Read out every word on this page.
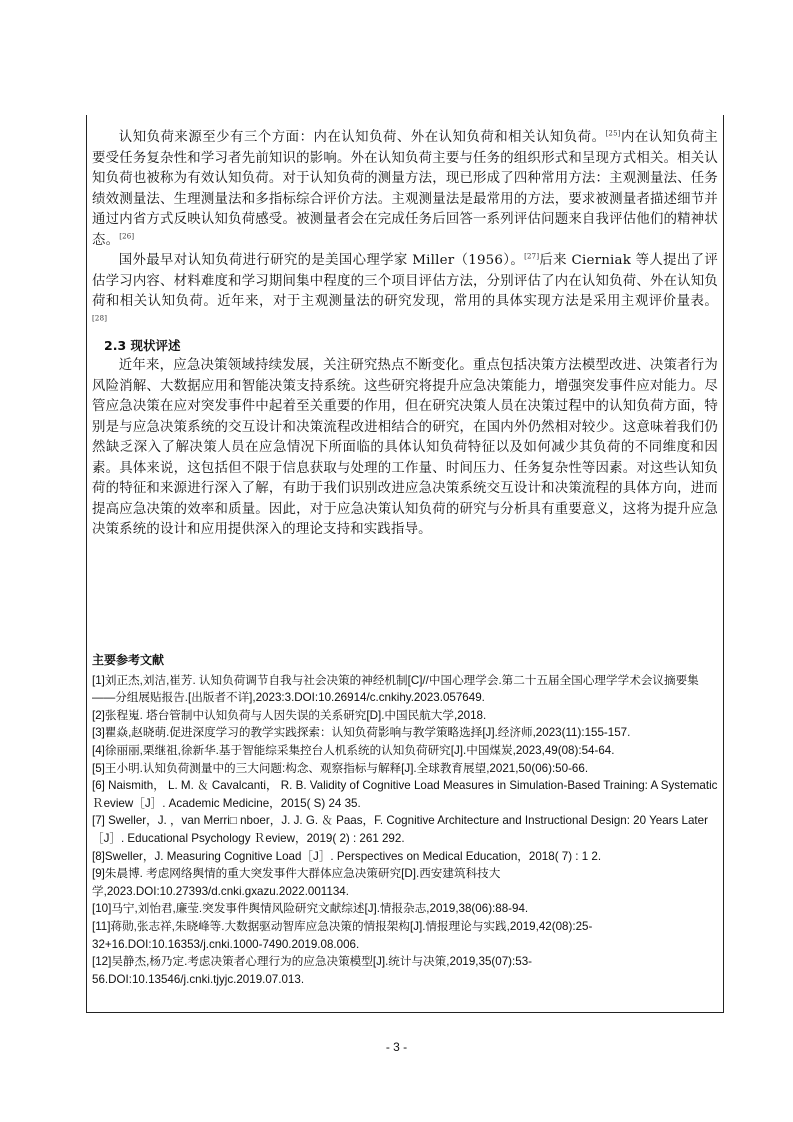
认知负荷来源至少有三个方面：内在认知负荷、外在认知负荷和相关认知负荷。[25]内在认知负荷主要受任务复杂性和学习者先前知识的影响。外在认知负荷主要与任务的组织形式和呈现方式相关。相关认知负荷也被称为有效认知负荷。对于认知负荷的测量方法，现已形成了四种常用方法：主观测量法、任务绩效测量法、生理测量法和多指标综合评价方法。主观测量法是最常用的方法，要求被测量者描述细节并通过内省方式反映认知负荷感受。被测量者会在完成任务后回答一系列评估问题来自我评估他们的精神状态。[26]

国外最早对认知负荷进行研究的是美国心理学家 Miller（1956）。[27]后来 Cierniak 等人提出了评估学习内容、材料难度和学习期间集中程度的三个项目评估方法，分别评估了内在认知负荷、外在认知负荷和相关认知负荷。近年来，对于主观测量法的研究发现，常用的具体实现方法是采用主观评价量表。[28]

2.3 现状评述

近年来，应急决策领域持续发展，关注研究热点不断变化。重点包括决策方法模型改进、决策者行为风险消解、大数据应用和智能决策支持系统。这些研究将提升应急决策能力，增强突发事件应对能力。尽管应急决策在应对突发事件中起着至关重要的作用，但在研究决策人员在决策过程中的认知负荷方面，特别是与应急决策系统的交互设计和决策流程改进相结合的研究，在国内外仍然相对较少。这意味着我们仍然缺乏深入了解决策人员在应急情况下所面临的具体认知负荷特征以及如何减少其负荷的不同维度和因素。具体来说，这包括但不限于信息获取与处理的工作量、时间压力、任务复杂性等因素。对这些认知负荷的特征和来源进行深入了解，有助于我们识别改进应急决策系统交互设计和决策流程的具体方向，进而提高应急决策的效率和质量。因此，对于应急决策认知负荷的研究与分析具有重要意义，这将为提升应急决策系统的设计和应用提供深入的理论支持和实践指导。

主要参考文献

[1]刘正杰,刘洁,崔芳. 认知负荷调节自我与社会决策的神经机制[C]//中国心理学会.第二十五届全国心理学学术会议摘要集——分组展贴报告.[出版者不详],2023:3.DOI:10.26914/c.cnkihy.2023.057649.

[2]张程嵬. 塔台管制中认知负荷与人因失误的关系研究[D].中国民航大学,2018.

[3]瞿焱,赵晓萌.促进深度学习的教学实践探索：认知负荷影响与教学策略选择[J].经济师,2023(11):155-157.

[4]徐丽丽,栗继祖,徐新华.基于智能综采集控台人机系统的认知负荷研究[J].中国煤炭,2023,49(08):54-64.

[5]王小明.认知负荷测量中的三大问题:构念、观察指标与解释[J].全球教育展望,2021,50(06):50-66.

[6] Naismith， L. M. ＆ Cavalcanti， R. B. Validity of Cognitive Load Measures in Simulation-Based Training: A Systematic Ｒeview［J］. Academic Medicine，2015( S) 24 35.

[7] Sweller，J. ，van Merri□ nboer，J. J. G. ＆ Paas，F. Cognitive Architecture and Instructional Design: 20 Years Later［J］. Educational Psychology Ｒeview，2019( 2) : 261 292.

[8]Sweller，J. Measuring Cognitive Load［J］. Perspectives on Medical Education，2018( 7) : 1 2.

[9]朱晨博. 考虑网络舆情的重大突发事件大群体应急决策研究[D].西安建筑科技大学,2023.DOI:10.27393/d.cnki.gxazu.2022.001134.

[10]马宁,刘怡君,廉莹.突发事件舆情风险研究文献综述[J].情报杂志,2019,38(06):88-94.

[11]蒋勋,张志祥,朱晓峰等.大数据驱动智库应急决策的情报架构[J].情报理论与实践,2019,42(08):25-32+16.DOI:10.16353/j.cnki.1000-7490.2019.08.006.

[12]吴静杰,杨乃定.考虑决策者心理行为的应急决策模型[J].统计与决策,2019,35(07):53-56.DOI:10.13546/j.cnki.tjyjc.2019.07.013.

- 3 -
